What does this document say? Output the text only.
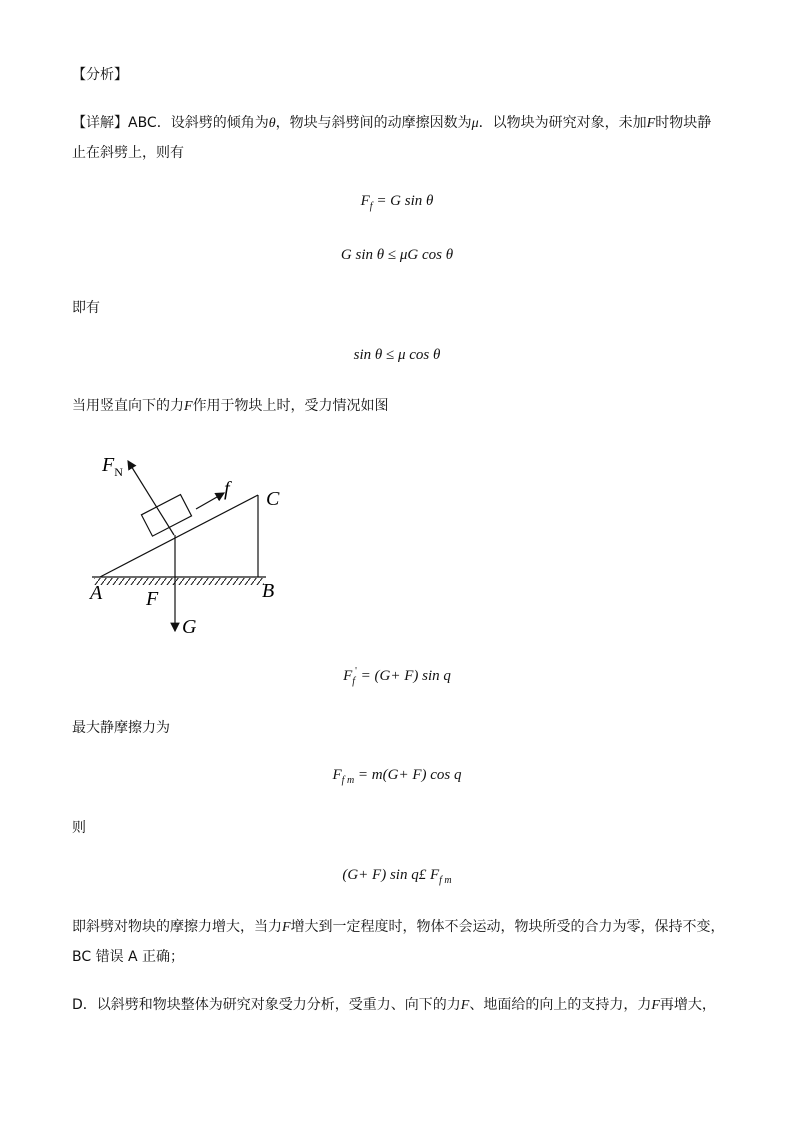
【分析】
【详解】ABC．设斜劈的倾角为θ，物块与斜劈间的动摩擦因数为μ．以物块为研究对象，未加F时物块静
止在斜劈上，则有
$F_f = G$ sin θ
G sin θ ≤ μG cos θ
即有
sin θ ≤ μ cos θ
当用竖直向下的力F作用于物块上时，受力情况如图
$F_N$
f C
A	B
F
G
$F_f' = (G+ F)$ sin q
最大静摩擦力为
$F_{f m} = m(G+ F)$ cos q
则
(G+ F) sin q£ $F_{f m}$
即斜劈对物块的摩擦力增大，当力F增大到一定程度时，物体不会运动，物块所受的合力为零，保持不变，
BC 错误 A 正确；
D．以斜劈和物块整体为研究对象受力分析，受重力、向下的力F、地面给的向上的支持力，力F再增大，
